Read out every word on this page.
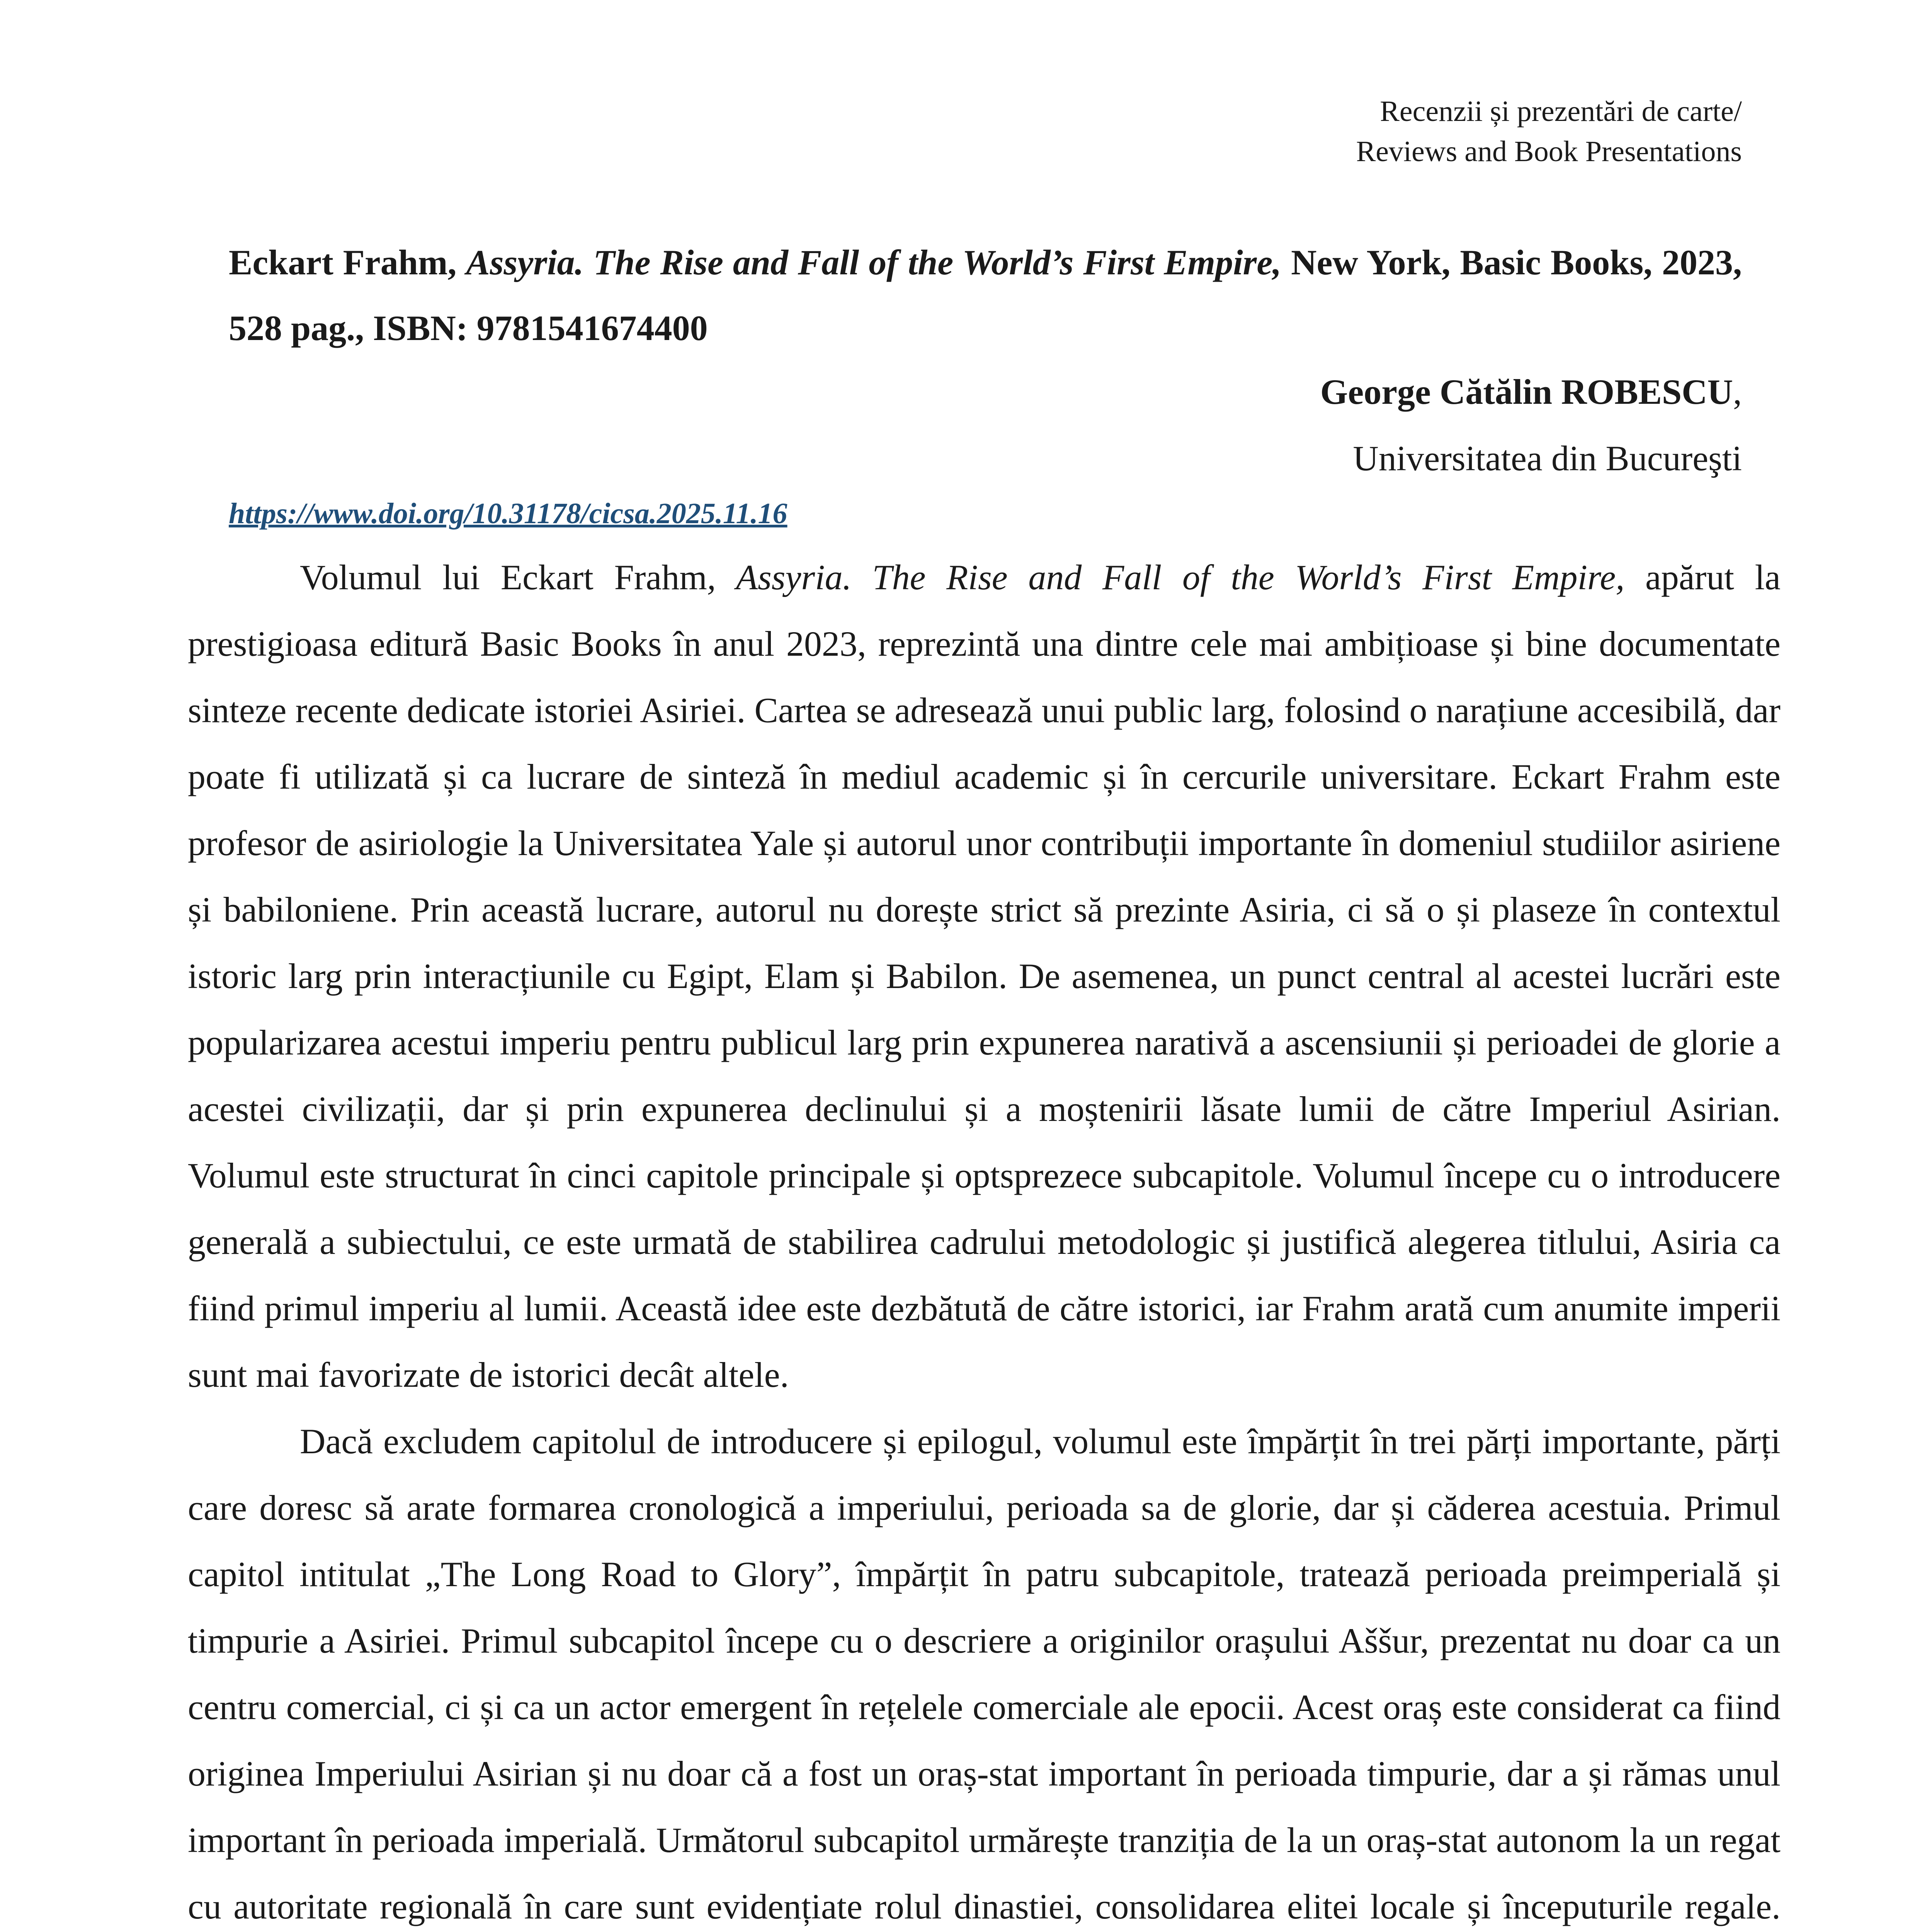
Recenzii și prezentări de carte/
Reviews and Book Presentations
Eckart Frahm, Assyria. The Rise and Fall of the World’s First Empire, New York, Basic Books, 2023, 528 pag., ISBN: 9781541674400
George Cătălin ROBESCU,
Universitatea din Bucureşti
https://www.doi.org/10.31178/cicsa.2025.11.16

Volumul lui Eckart Frahm, Assyria. The Rise and Fall of the World’s First Empire, apărut la prestigioasa editură Basic Books în anul 2023, reprezintă una dintre cele mai ambițioase și bine documentate sinteze recente dedicate istoriei Asiriei. Cartea se adresează unui public larg, folosind o narațiune accesibilă, dar poate fi utilizată și ca lucrare de sinteză în mediul academic și în cercurile universitare. Eckart Frahm este profesor de asiriologie la Universitatea Yale și autorul unor contribuții importante în domeniul studiilor asiriene și babiloniene. Prin această lucrare, autorul nu dorește strict să prezinte Asiria, ci să o și plaseze în contextul istoric larg prin interacțiunile cu Egipt, Elam și Babilon. De asemenea, un punct central al acestei lucrări este popularizarea acestui imperiu pentru publicul larg prin expunerea narativă a ascensiunii și perioadei de glorie a acestei civilizații, dar și prin expunerea declinului și a moștenirii lăsate lumii de către Imperiul Asirian. Volumul este structurat în cinci capitole principale și optsprezece subcapitole. Volumul începe cu o introducere generală a subiectului, ce este urmată de stabilirea cadrului metodologic și justifică alegerea titlului, Asiria ca fiind primul imperiu al lumii. Această idee este dezbătută de către istorici, iar Frahm arată cum anumite imperii sunt mai favorizate de istorici decât altele.

Dacă excludem capitolul de introducere și epilogul, volumul este împărțit în trei părți importante, părți care doresc să arate formarea cronologică a imperiului, perioada sa de glorie, dar și căderea acestuia. Primul capitol intitulat „The Long Road to Glory”, împărțit în patru subcapitole, tratează perioada preimperială și timpurie a Asiriei. Primul subcapitol începe cu o descriere a originilor orașului Aššur, prezentat nu doar ca un centru comercial, ci și ca un actor emergent în rețelele comerciale ale epocii. Acest oraș este considerat ca fiind originea Imperiului Asirian și nu doar că a fost un oraș-stat important în perioada timpurie, dar a și rămas unul important în perioada imperială. Următorul subcapitol urmărește tranziția de la un oraș-stat autonom la un regat cu autoritate regională în care sunt evidențiate rolul dinastiei, consolidarea elitei locale și începuturile regale.
